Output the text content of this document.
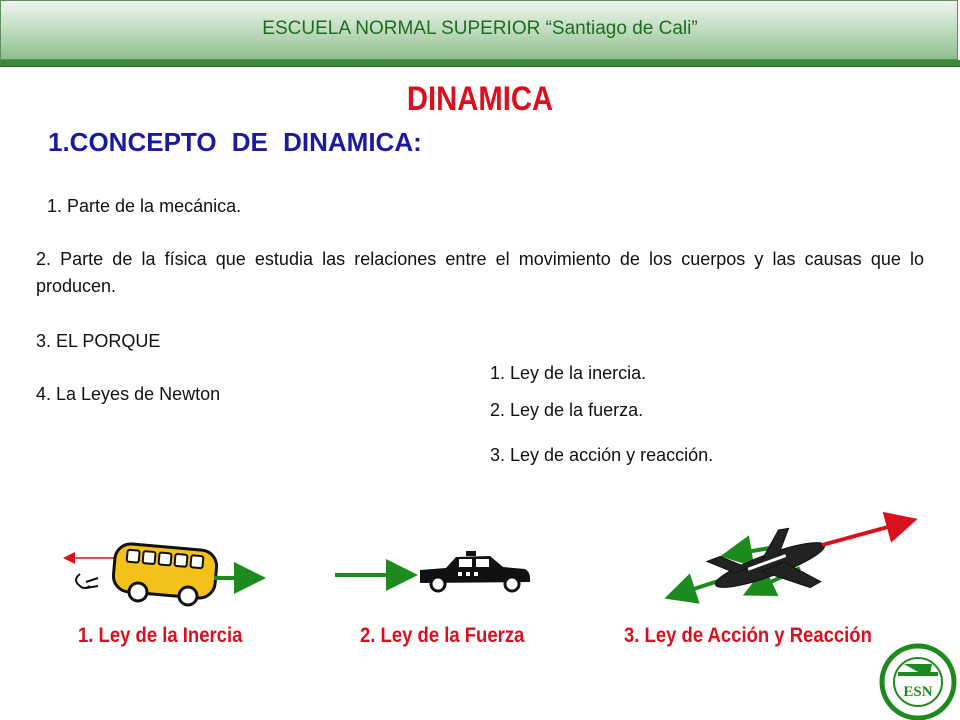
ESCUELA NORMAL SUPERIOR “Santiago de Cali”
DINAMICA
1.CONCEPTO DE DINAMICA:
1. Parte de la mecánica.
2. Parte de la física que estudia las relaciones entre el movimiento de los cuerpos y las causas que lo producen.
3. EL PORQUE
4. La Leyes de Newton
1. Ley de la inercia.
2. Ley de la fuerza.
3. Ley de acción y reacción.
ESN
1. Ley de la Inercia	2. Ley de la Fuerza	3. Ley de Acción y Reacción
